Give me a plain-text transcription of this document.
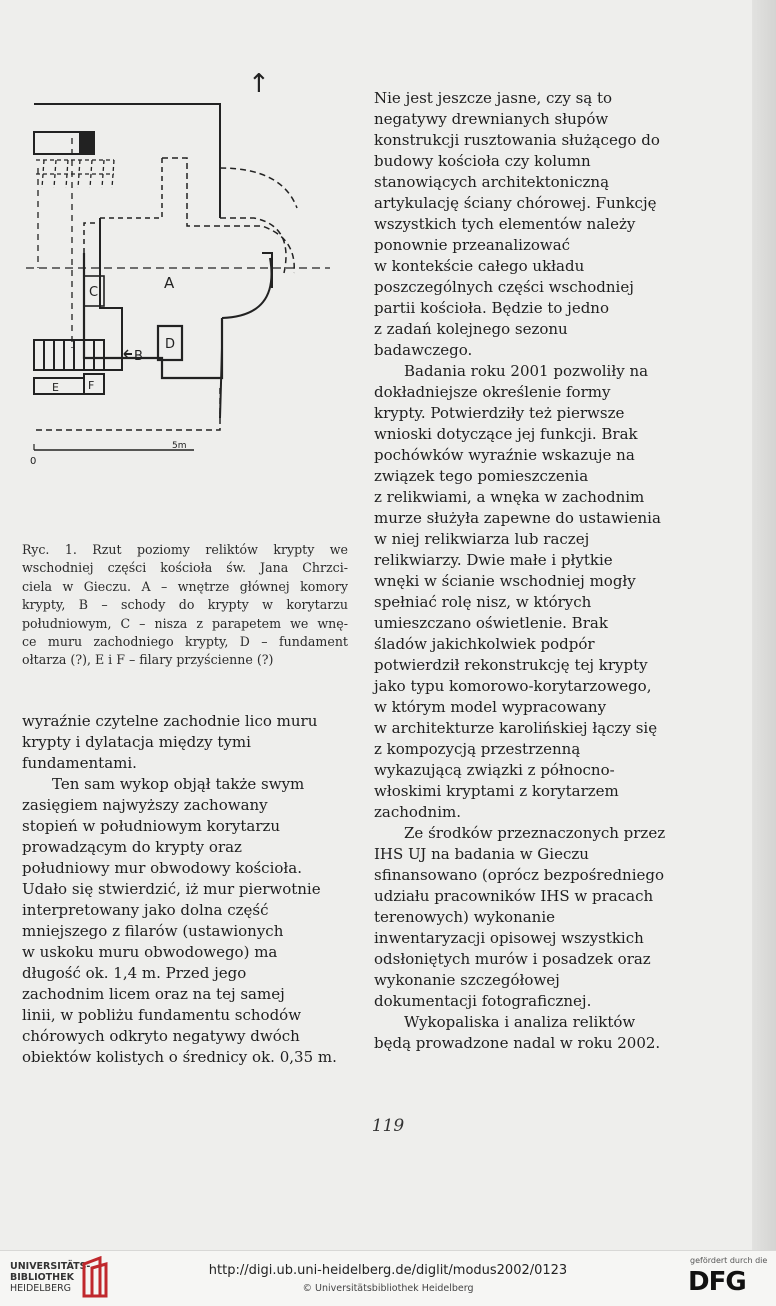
↑
A
B
C
D
E	F
0
5m
Ryc. 1. Rzut poziomy reliktów krypty we
wschodniej części kościoła św. Jana Chrzci-
ciela w Gieczu. A – wnętrze głównej komory
krypty, B – schody do krypty w korytarzu
południowym, C – nisza z parapetem we wnę-
ce muru zachodniego krypty, D – fundament
ołtarza (?), E i F – filary przyścienne (?)
wyraźnie czytelne zachodnie lico muru
krypty i dylatacja między tymi
fundamentami.
Ten sam wykop objął także swym
zasięgiem najwyższy zachowany
stopień w południowym korytarzu
prowadzącym do krypty oraz
południowy mur obwodowy kościoła.
Udało się stwierdzić, iż mur pierwotnie
interpretowany jako dolna część
mniejszego z filarów (ustawionych
w uskoku muru obwodowego) ma
długość ok. 1,4 m. Przed jego
zachodnim licem oraz na tej samej
linii, w pobliżu fundamentu schodów
chórowych odkryto negatywy dwóch
obiektów kolistych o średnicy ok. 0,35 m.
Nie jest jeszcze jasne, czy są to
negatywy drewnianych słupów
konstrukcji rusztowania służącego do
budowy kościoła czy kolumn
stanowiących architektoniczną
artykulację ściany chórowej. Funkcję
wszystkich tych elementów należy
ponownie przeanalizować
w kontekście całego układu
poszczególnych części wschodniej
partii kościoła. Będzie to jedno
z zadań kolejnego sezonu
badawczego.
Badania roku 2001 pozwoliły na
dokładniejsze określenie formy
krypty. Potwierdziły też pierwsze
wnioski dotyczące jej funkcji. Brak
pochówków wyraźnie wskazuje na
związek tego pomieszczenia
z relikwiami, a wnęka w zachodnim
murze służyła zapewne do ustawienia
w niej relikwiarza lub raczej
relikwiarzy. Dwie małe i płytkie
wnęki w ścianie wschodniej mogły
spełniać rolę nisz, w których
umieszczano oświetlenie. Brak
śladów jakichkolwiek podpór
potwierdził rekonstrukcję tej krypty
jako typu komorowo-korytarzowego,
w którym model wypracowany
w architekturze karolińskiej łączy się
z kompozycją przestrzenną
wykazującą związki z północno-
włoskimi kryptami z korytarzem
zachodnim.
Ze środków przeznaczonych przez
IHS UJ na badania w Gieczu
sfinansowano (oprócz bezpośredniego
udziału pracowników IHS w pracach
terenowych) wykonanie
inwentaryzacji opisowej wszystkich
odsłoniętych murów i posadzek oraz
wykonanie szczegółowej
dokumentacji fotograficznej.
Wykopaliska i analiza reliktów
będą prowadzone nadal w roku 2002.
119
UNIVERSITÄTS-
BIBLIOTHEK
HEIDELBERG
http://digi.ub.uni-heidelberg.de/diglit/modus2002/0123
© Universitätsbibliothek Heidelberg
gefördert durch die
DFG
